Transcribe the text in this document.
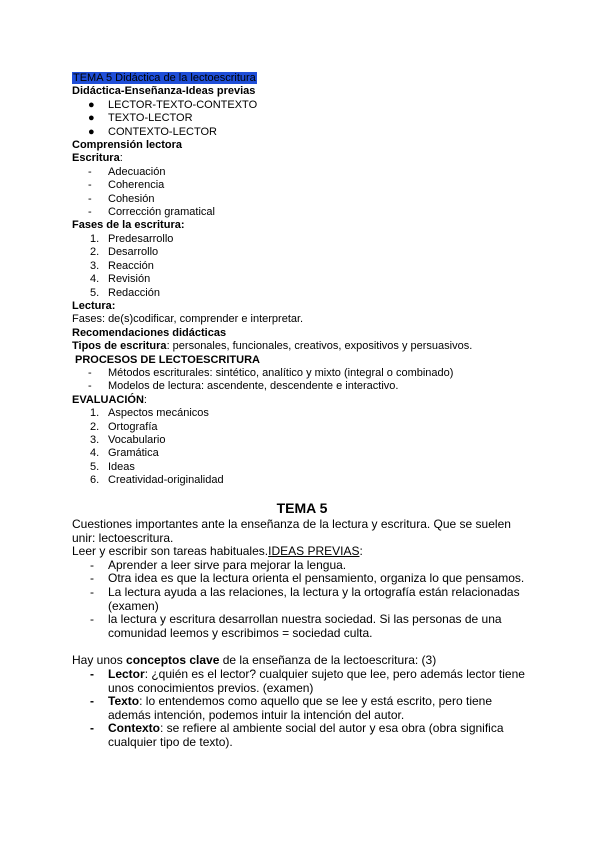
TEMA 5 Didáctica de la lectoescritura
Didáctica-Enseñanza-Ideas previas
●	LECTOR-TEXTO-CONTEXTO
●	TEXTO-LECTOR
●	CONTEXTO-LECTOR
Comprensión lectora
Escritura:
-	Adecuación
-	Coherencia
-	Cohesión
-	Corrección gramatical
Fases de la escritura:
1. Predesarrollo
2. Desarrollo
3. Reacción
4. Revisión
5. Redacción
Lectura:
Fases: de(s)codificar, comprender e interpretar.
Recomendaciones didácticas
Tipos de escritura: personales, funcionales, creativos, expositivos y persuasivos.
PROCESOS DE LECTOESCRITURA
-	Métodos escriturales: sintético, analítico y mixto (integral o combinado)
-	Modelos de lectura: ascendente, descendente e interactivo.
EVALUACIÓN:
1. Aspectos mecánicos
2. Ortografía
3. Vocabulario
4. Gramática
5. Ideas
6. Creatividad-originalidad
TEMA 5

Cuestiones importantes ante la enseñanza de la lectura y escritura. Que se suelen unir: lectoescritura.

Leer y escribir son tareas habituales.IDEAS PREVIAS:

- Aprender a leer sirve para mejorar la lengua.
- Otra idea es que la lectura orienta el pensamiento, organiza lo que pensamos.
- La lectura ayuda a las relaciones, la lectura y la ortografía están relacionadas (examen)
- la lectura y escritura desarrollan nuestra sociedad. Si las personas de una comunidad leemos y escribimos = sociedad culta.

Hay unos conceptos clave de la enseñanza de la lectoescritura: (3)

- Lector: ¿quién es el lector? cualquier sujeto que lee, pero además lector tiene unos conocimientos previos. (examen)
- Texto: lo entendemos como aquello que se lee y está escrito, pero tiene además intención, podemos intuir la intención del autor.
- Contexto: se refiere al ambiente social del autor y esa obra (obra significa cualquier tipo de texto).
